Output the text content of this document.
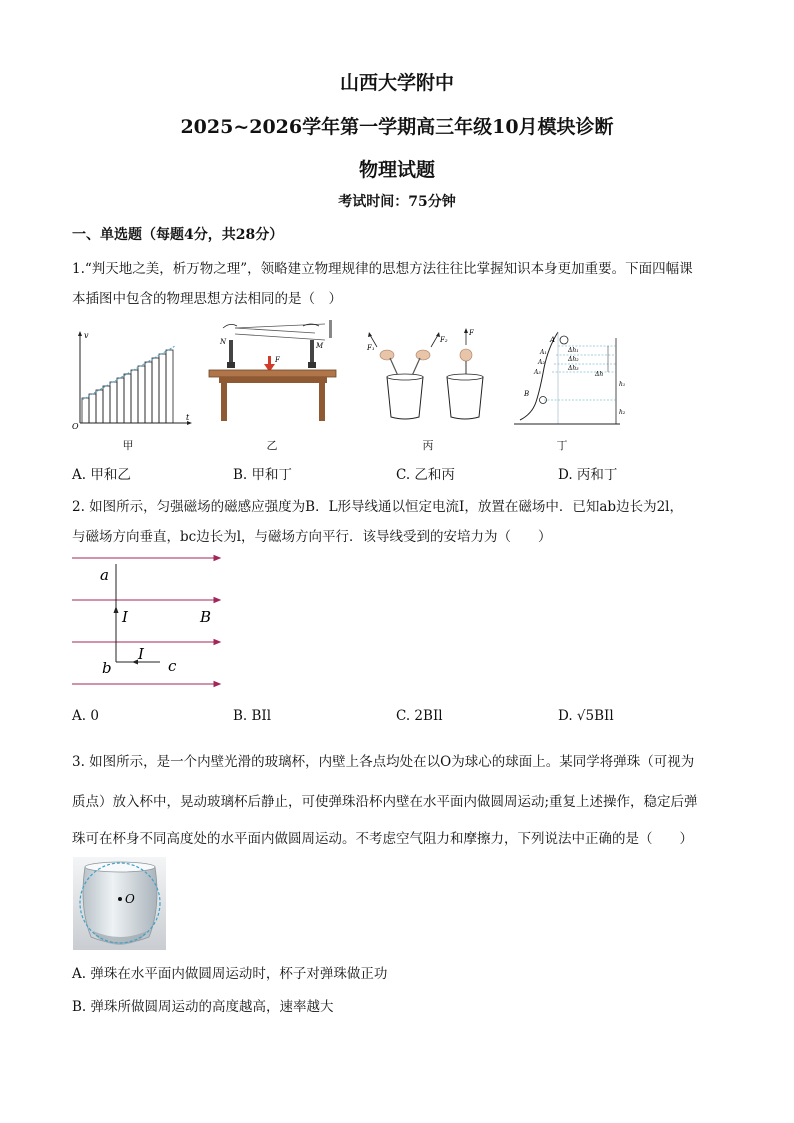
山西大学附中
2025~2026学年第一学期高三年级10月模块诊断
物理试题
考试时间：75分钟
一、单选题（每题4分，共28分）
1.“判天地之美，析万物之理”，领略建立物理规律的思想方法往往比掌握知识本身更加重要。下面四幅课
本插图中包含的物理思想方法相同的是（　）
v
t
O
甲
N	M
F
乙
F₁
F₂
F
丙
A
A₁
A₂
A₃
B
Δh₁
Δh₂
Δh₃
Δh
h₁
h₂
丁
A. 甲和乙	B. 甲和丁	C. 乙和丙	D. 丙和丁
2. 如图所示，匀强磁场的磁感应强度为B．L形导线通以恒定电流I，放置在磁场中．已知ab边长为2l，
与磁场方向垂直，bc边长为l，与磁场方向平行．该导线受到的安培力为（　　）
a
b	c
I
I
B
A. 0	B. BIl	C. 2BIl	D. √5BIl
3. 如图所示，是一个内壁光滑的玻璃杯，内壁上各点均处在以O为球心的球面上。某同学将弹珠（可视为
质点）放入杯中，晃动玻璃杯后静止，可使弹珠沿杯内壁在水平面内做圆周运动;重复上述操作，稳定后弹
珠可在杯身不同高度处的水平面内做圆周运动。不考虑空气阻力和摩擦力，下列说法中正确的是（　　）
O
A. 弹珠在水平面内做圆周运动时，杯子对弹珠做正功
B. 弹珠所做圆周运动的高度越高，速率越大
